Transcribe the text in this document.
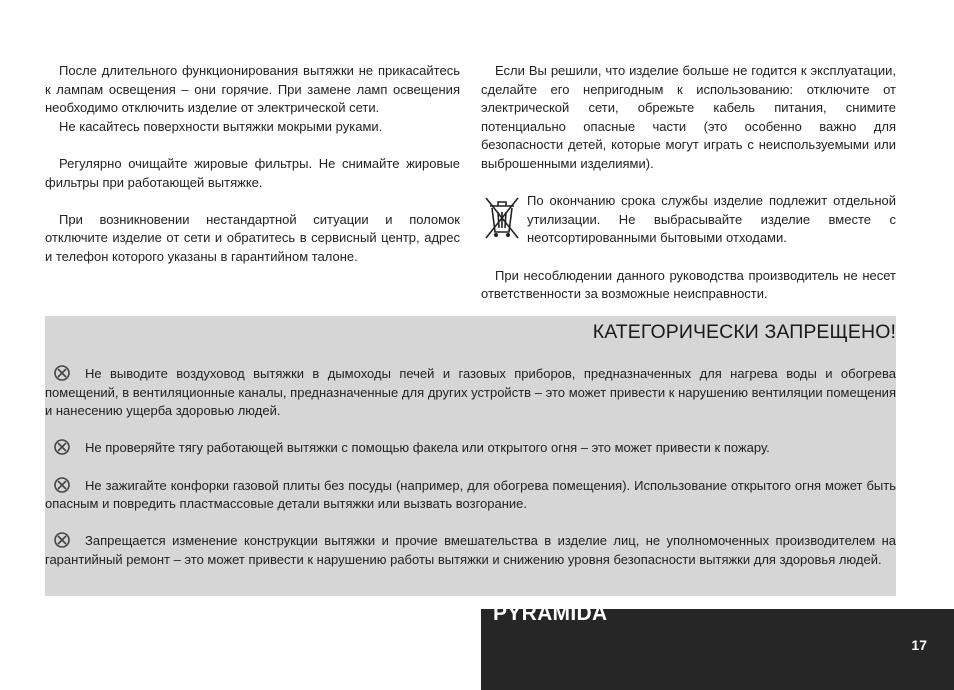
После длительного функционирования вытяжки не прикасайтесь к лампам освещения – они горячие. При замене ламп освещения необходимо отключить изделие от электрической сети.

Не касайтесь поверхности вытяжки мокрыми руками.

Регулярно очищайте жировые фильтры. Не снимайте жировые фильтры при работающей вытяжке.

При возникновении нестандартной ситуации и поломок отключите изделие от сети и обратитесь в сервисный центр, адрес и телефон которого указаны в гарантийном талоне.

Если Вы решили, что изделие больше не годится к эксплуатации, сделайте его непригодным к использованию: отключите от электрической сети, обрежьте кабель питания, снимите потенциально опасные части (это особенно важно для безопасности детей, которые могут играть с неиспользуемыми или выброшенными изделиями).

По окончанию срока службы изделие подлежит отдельной утилизации. Не выбрасывайте изделие вместе с неотсортированными бытовыми отходами.

При несоблюдении данного руководства производитель не несет ответственности за возможные неисправности.

КАТЕГОРИЧЕСКИ ЗАПРЕЩЕНО!

Не выводите воздуховод вытяжки в дымоходы печей и газовых приборов, предназначенных для нагрева воды и обогрева помещений, в вентиляционные каналы, предназначенные для других устройств – это может привести к нарушению вентиляции помещения и нанесению ущерба здоровью людей.

Не проверяйте тягу работающей вытяжки с помощью факела или открытого огня – это может привести к пожару.

Не зажигайте конфорки газовой плиты без посуды (например, для обогрева помещения). Использование открытого огня может быть опасным и повредить пластмассовые детали вытяжки или вызвать возгорание.

Запрещается изменение конструкции вытяжки и прочие вмешательства в изделие лиц, не уполномоченных производителем на гарантийный ремонт – это может привести к нарушению работы вытяжки и снижению уровня безопасности вытяжки для здоровья людей.

PYRAMIDA
17
